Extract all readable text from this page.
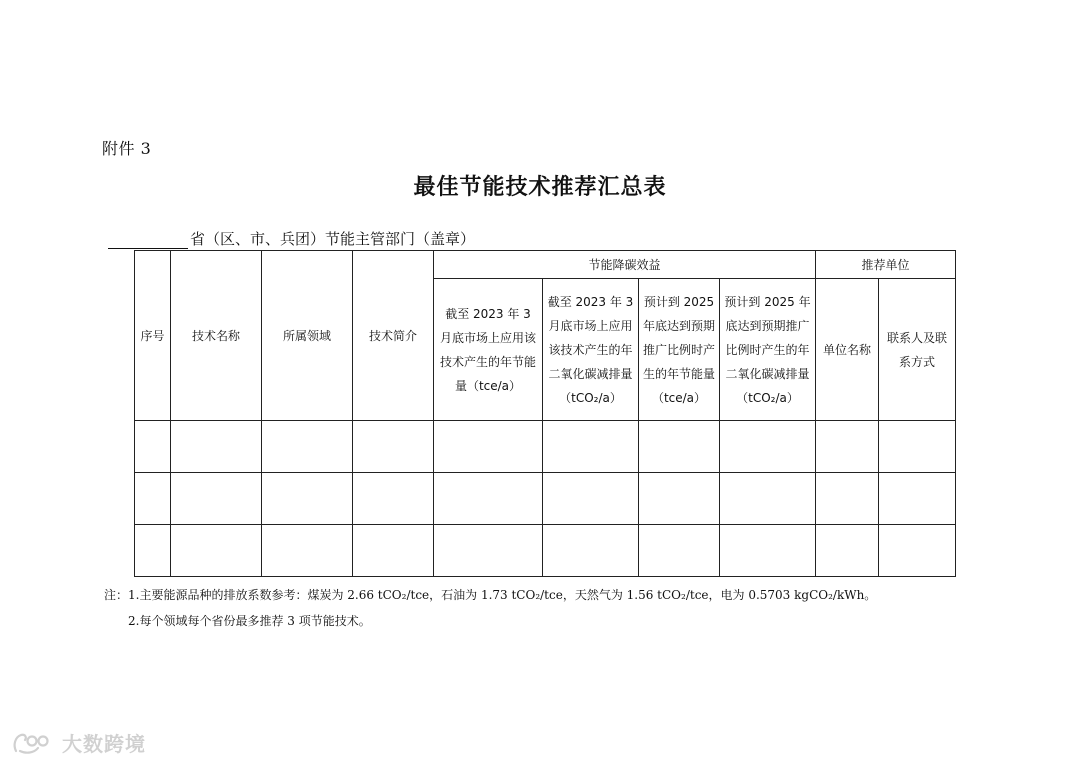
附件 3
最佳节能技术推荐汇总表
省（区、市、兵团）节能主管部门（盖章）
序号	技术名称	所属领域	技术简介	节能降碳效益				推荐单位	
				截至 2023 年 3 月底市场上应用该技术产生的年节能量（tce/a）	截至 2023 年 3 月底市场上应用该技术产生的年二氧化碳减排量（tCO₂/a）	预计到 2025 年底达到预期推广比例时产生的年节能量（tce/a）	预计到 2025 年底达到预期推广比例时产生的年二氧化碳减排量（tCO₂/a）	单位名称	联系人及联系方式

注：1.主要能源品种的排放系数参考：煤炭为 2.66 tCO₂/tce，石油为 1.73 tCO₂/tce，天然气为 1.56 tCO₂/tce，电为 0.5703 kgCO₂/kWh。
2.每个领域每个省份最多推荐 3 项节能技术。
大数跨境
